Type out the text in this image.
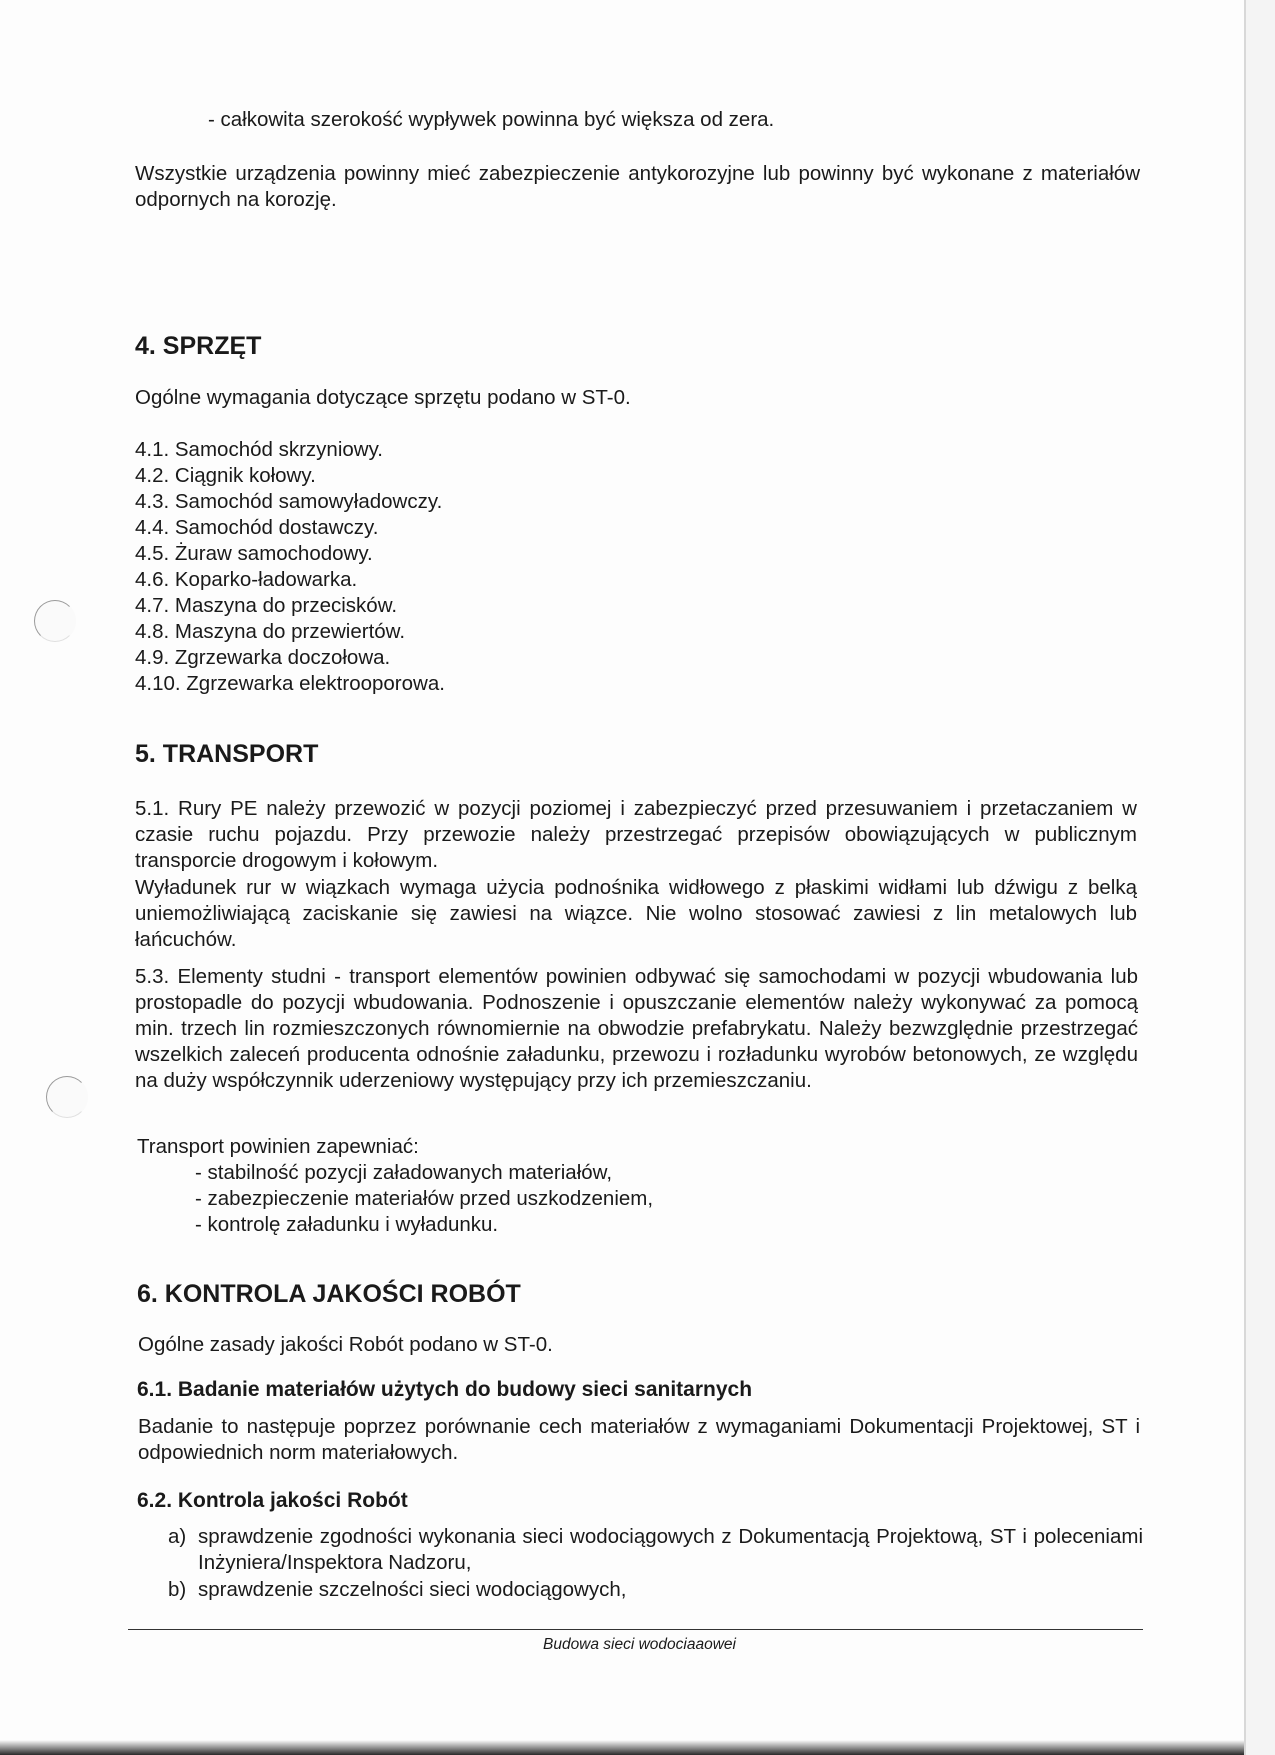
- całkowita szerokość wypływek powinna być większa od zera.
Wszystkie urządzenia powinny mieć zabezpieczenie antykorozyjne lub powinny być wykonane z materiałów odpornych na korozję.
4. SPRZĘT
Ogólne wymagania dotyczące sprzętu podano w ST-0.
4.1. Samochód skrzyniowy.
4.2. Ciągnik kołowy.
4.3. Samochód samowyładowczy.
4.4. Samochód dostawczy.
4.5. Żuraw samochodowy.
4.6. Koparko-ładowarka.
4.7. Maszyna do przecisków.
4.8. Maszyna do przewiertów.
4.9. Zgrzewarka doczołowa.
4.10. Zgrzewarka elektrooporowa.
5. TRANSPORT
5.1. Rury PE należy przewozić w pozycji poziomej i zabezpieczyć przed przesuwaniem i przetaczaniem w czasie ruchu pojazdu. Przy przewozie należy przestrzegać przepisów obowiązujących w publicznym transporcie drogowym i kołowym.
Wyładunek rur w wiązkach wymaga użycia podnośnika widłowego z płaskimi widłami lub dźwigu z belką uniemożliwiającą zaciskanie się zawiesi na wiązce. Nie wolno stosować zawiesi z lin metalowych lub łańcuchów.
5.3. Elementy studni - transport elementów powinien odbywać się samochodami w pozycji wbudowania lub prostopadle do pozycji wbudowania. Podnoszenie i opuszczanie elementów należy wykonywać za pomocą min. trzech lin rozmieszczonych równomiernie na obwodzie prefabrykatu. Należy bezwzględnie przestrzegać wszelkich zaleceń producenta odnośnie załadunku, przewozu i rozładunku wyrobów betonowych, ze względu na duży współczynnik uderzeniowy występujący przy ich przemieszczaniu.
Transport powinien zapewniać:
- stabilność pozycji załadowanych materiałów,
- zabezpieczenie materiałów przed uszkodzeniem,
- kontrolę załadunku i wyładunku.
6. KONTROLA JAKOŚCI ROBÓT
Ogólne zasady jakości Robót podano w ST-0.
6.1. Badanie materiałów użytych do budowy sieci sanitarnych
Badanie to następuje poprzez porównanie cech materiałów z wymaganiami Dokumentacji Projektowej, ST i odpowiednich norm materiałowych.
6.2. Kontrola jakości Robót
a) sprawdzenie zgodności wykonania sieci wodociągowych z Dokumentacją Projektową, ST i poleceniami Inżyniera/Inspektora Nadzoru,
b) sprawdzenie szczelności sieci wodociągowych,
Budowa sieci wodociaaowei
